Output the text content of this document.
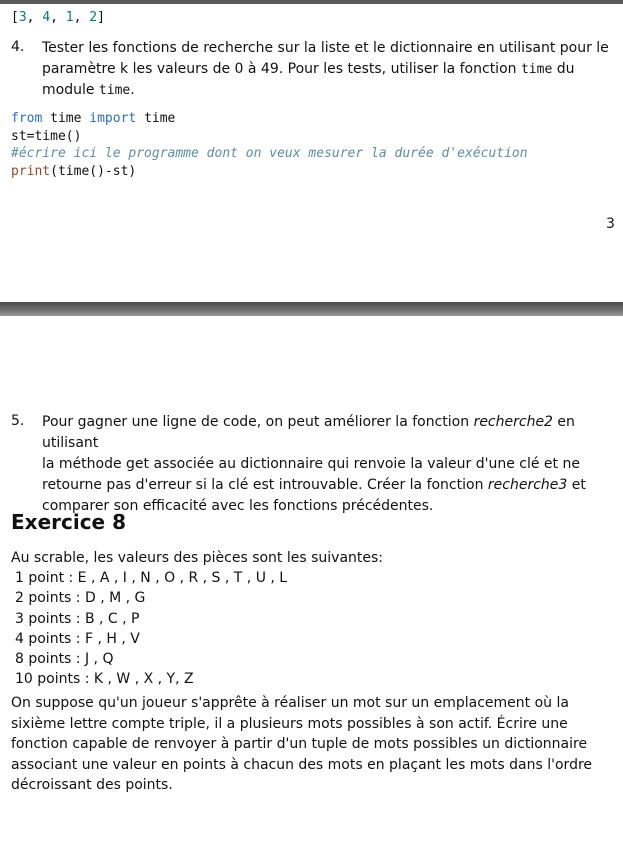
[3, 4, 1, 2]
4. Tester les fonctions de recherche sur la liste et le dictionnaire en utilisant pour le
paramètre k les valeurs de 0 à 49. Pour les tests, utiliser la fonction time du
module time.
from time import time
st=time()
#écrire ici le programme dont on veux mesurer la durée d'exécution
print(time()-st)
3
5. Pour gagner une ligne de code, on peut améliorer la fonction recherche2 en utilisant
la méthode get associée au dictionnaire qui renvoie la valeur d'une clé et ne
retourne pas d'erreur si la clé est introuvable. Créer la fonction recherche3 et
comparer son efficacité avec les fonctions précédentes.
Exercice 8
Au scrable, les valeurs des pièces sont les suivantes:
1 point : E , A , I , N , O , R , S , T , U , L
2 points : D , M , G
3 points : B , C , P
4 points : F , H , V
8 points : J , Q
10 points : K , W , X , Y, Z
On suppose qu'un joueur s'apprête à réaliser un mot sur un emplacement où la sixième lettre compte triple, il a plusieurs mots possibles à son actif. Écrire une fonction capable de renvoyer à partir d'un tuple de mots possibles un dictionnaire associant une valeur en points à chacun des mots en plaçant les mots dans l'ordre décroissant des points.
